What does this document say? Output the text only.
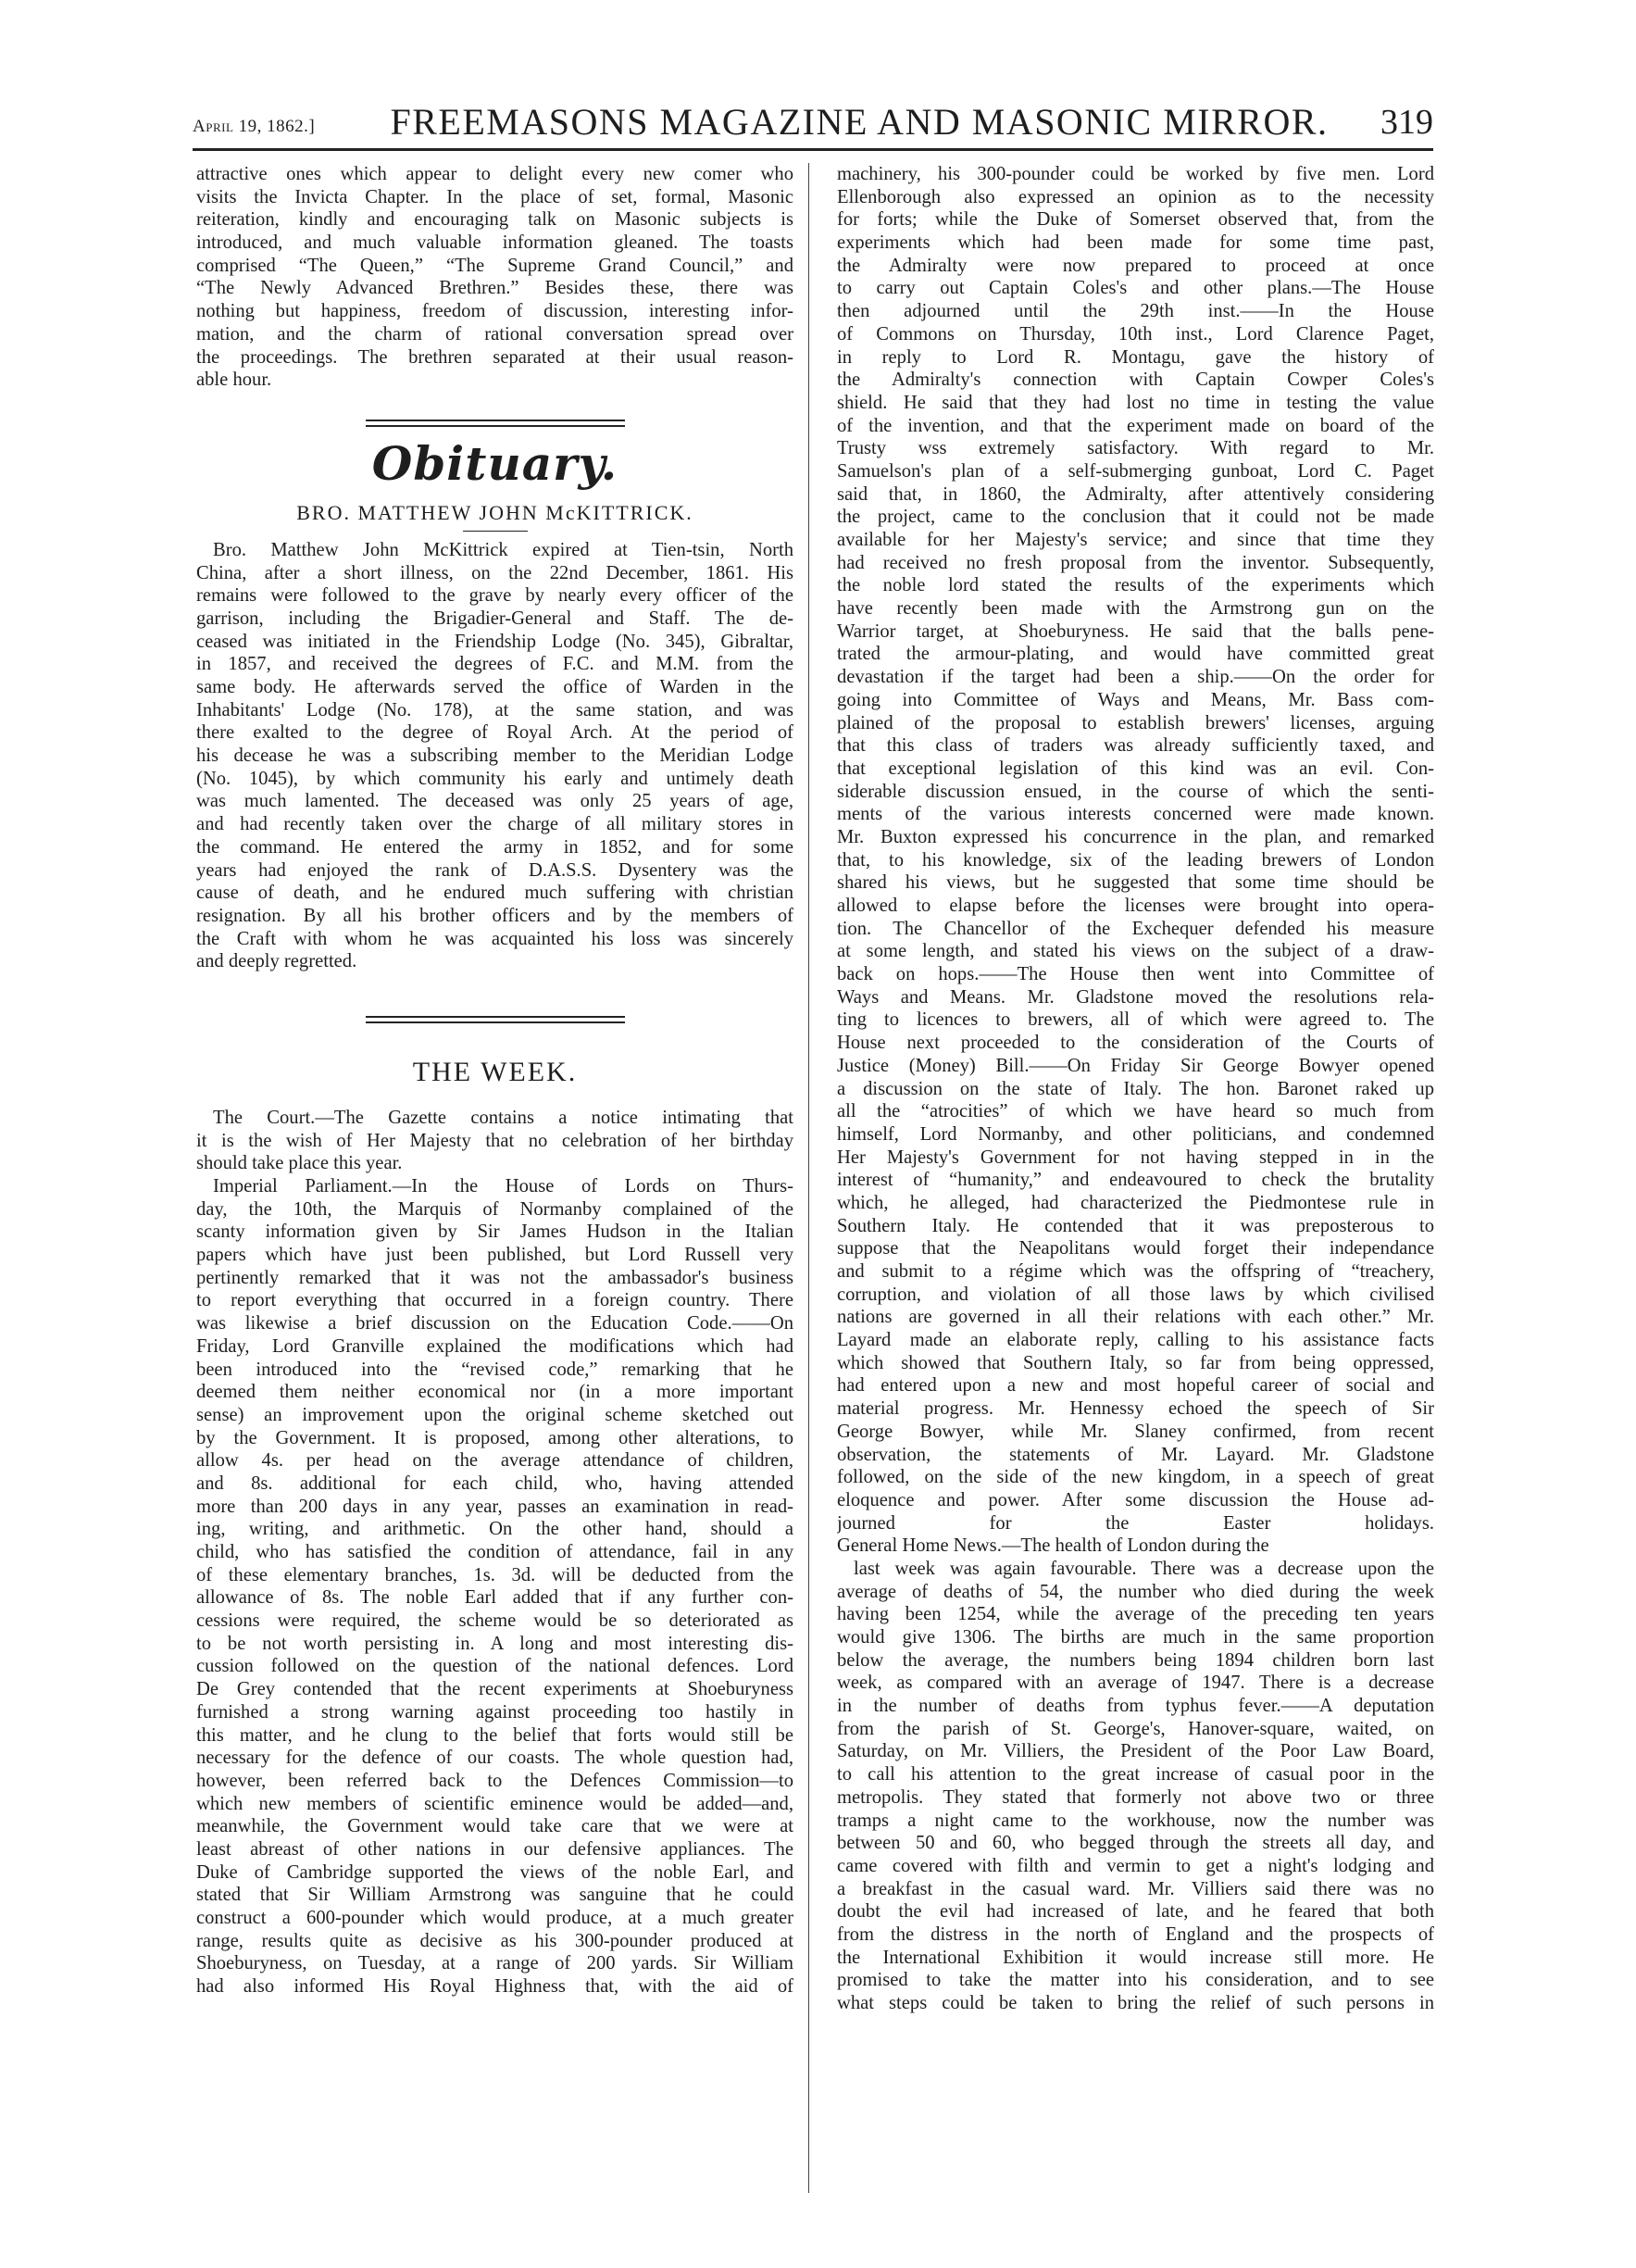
April 19, 1862.]	FREEMASONS MAGAZINE AND MASONIC MIRROR.	319
attractive ones which appear to delight every new comer who
visits the Invicta Chapter. In the place of set, formal, Masonic
reiteration, kindly and encouraging talk on Masonic subjects is
introduced, and much valuable information gleaned. The toasts
comprised “The Queen,” “The Supreme Grand Council,” and
“The Newly Advanced Brethren.” Besides these, there was
nothing but happiness, freedom of discussion, interesting infor-
mation, and the charm of rational conversation spread over
the proceedings. The brethren separated at their usual reason-
able hour.
Obituary.
BRO. MATTHEW JOHN McKITTRICK.
Bro. Matthew John McKittrick expired at Tien-tsin, North
China, after a short illness, on the 22nd December, 1861. His
remains were followed to the grave by nearly every officer of the
garrison, including the Brigadier-General and Staff. The de-
ceased was initiated in the Friendship Lodge (No. 345), Gibraltar,
in 1857, and received the degrees of F.C. and M.M. from the
same body. He afterwards served the office of Warden in the
Inhabitants' Lodge (No. 178), at the same station, and was
there exalted to the degree of Royal Arch. At the period of
his decease he was a subscribing member to the Meridian Lodge
(No. 1045), by which community his early and untimely death
was much lamented. The deceased was only 25 years of age,
and had recently taken over the charge of all military stores in
the command. He entered the army in 1852, and for some
years had enjoyed the rank of D.A.S.S. Dysentery was the
cause of death, and he endured much suffering with christian
resignation. By all his brother officers and by the members of
the Craft with whom he was acquainted his loss was sincerely
and deeply regretted.
THE WEEK.
The Court.—The Gazette contains a notice intimating that
it is the wish of Her Majesty that no celebration of her birthday
should take place this year.
Imperial Parliament.—In the House of Lords on Thurs-
day, the 10th, the Marquis of Normanby complained of the
scanty information given by Sir James Hudson in the Italian
papers which have just been published, but Lord Russell very
pertinently remarked that it was not the ambassador's business
to report everything that occurred in a foreign country. There
was likewise a brief discussion on the Education Code.——On
Friday, Lord Granville explained the modifications which had
been introduced into the “revised code,” remarking that he
deemed them neither economical nor (in a more important
sense) an improvement upon the original scheme sketched out
by the Government. It is proposed, among other alterations, to
allow 4s. per head on the average attendance of children,
and 8s. additional for each child, who, having attended
more than 200 days in any year, passes an examination in read-
ing, writing, and arithmetic. On the other hand, should a
child, who has satisfied the condition of attendance, fail in any
of these elementary branches, 1s. 3d. will be deducted from the
allowance of 8s. The noble Earl added that if any further con-
cessions were required, the scheme would be so deteriorated as
to be not worth persisting in. A long and most interesting dis-
cussion followed on the question of the national defences. Lord
De Grey contended that the recent experiments at Shoeburyness
furnished a strong warning against proceeding too hastily in
this matter, and he clung to the belief that forts would still be
necessary for the defence of our coasts. The whole question had,
however, been referred back to the Defences Commission—to
which new members of scientific eminence would be added—and,
meanwhile, the Government would take care that we were at
least abreast of other nations in our defensive appliances. The
Duke of Cambridge supported the views of the noble Earl, and
stated that Sir William Armstrong was sanguine that he could
construct a 600-pounder which would produce, at a much greater
range, results quite as decisive as his 300-pounder produced at
Shoeburyness, on Tuesday, at a range of 200 yards. Sir William
had also informed His Royal Highness that, with the aid of
machinery, his 300-pounder could be worked by five men. Lord
Ellenborough also expressed an opinion as to the necessity
for forts; while the Duke of Somerset observed that, from the
experiments which had been made for some time past,
the Admiralty were now prepared to proceed at once
to carry out Captain Coles's and other plans.—The House
then adjourned until the 29th inst.——In the House
of Commons on Thursday, 10th inst., Lord Clarence Paget,
in reply to Lord R. Montagu, gave the history of
the Admiralty's connection with Captain Cowper Coles's
shield. He said that they had lost no time in testing the value
of the invention, and that the experiment made on board of the
Trusty wss extremely satisfactory. With regard to Mr.
Samuelson's plan of a self-submerging gunboat, Lord C. Paget
said that, in 1860, the Admiralty, after attentively considering
the project, came to the conclusion that it could not be made
available for her Majesty's service; and since that time they
had received no fresh proposal from the inventor. Subsequently,
the noble lord stated the results of the experiments which
have recently been made with the Armstrong gun on the
Warrior target, at Shoeburyness. He said that the balls pene-
trated the armour-plating, and would have committed great
devastation if the target had been a ship.——On the order for
going into Committee of Ways and Means, Mr. Bass com-
plained of the proposal to establish brewers' licenses, arguing
that this class of traders was already sufficiently taxed, and
that exceptional legislation of this kind was an evil. Con-
siderable discussion ensued, in the course of which the senti-
ments of the various interests concerned were made known.
Mr. Buxton expressed his concurrence in the plan, and remarked
that, to his knowledge, six of the leading brewers of London
shared his views, but he suggested that some time should be
allowed to elapse before the licenses were brought into opera-
tion. The Chancellor of the Exchequer defended his measure
at some length, and stated his views on the subject of a draw-
back on hops.——The House then went into Committee of
Ways and Means. Mr. Gladstone moved the resolutions rela-
ting to licences to brewers, all of which were agreed to. The
House next proceeded to the consideration of the Courts of
Justice (Money) Bill.——On Friday Sir George Bowyer opened
a discussion on the state of Italy. The hon. Baronet raked up
all the “atrocities” of which we have heard so much from
himself, Lord Normanby, and other politicians, and condemned
Her Majesty's Government for not having stepped in in the
interest of “humanity,” and endeavoured to check the brutality
which, he alleged, had characterized the Piedmontese rule in
Southern Italy. He contended that it was preposterous to
suppose that the Neapolitans would forget their independance
and submit to a régime which was the offspring of “treachery,
corruption, and violation of all those laws by which civilised
nations are governed in all their relations with each other.” Mr.
Layard made an elaborate reply, calling to his assistance facts
which showed that Southern Italy, so far from being oppressed,
had entered upon a new and most hopeful career of social and
material progress. Mr. Hennessy echoed the speech of Sir
George Bowyer, while Mr. Slaney confirmed, from recent
observation, the statements of Mr. Layard. Mr. Gladstone
followed, on the side of the new kingdom, in a speech of great
eloquence and power. After some discussion the House ad-
journed for the Easter holidays.
General Home News.—The health of London during the
last week was again favourable. There was a decrease upon the
average of deaths of 54, the number who died during the week
having been 1254, while the average of the preceding ten years
would give 1306. The births are much in the same proportion
below the average, the numbers being 1894 children born last
week, as compared with an average of 1947. There is a decrease
in the number of deaths from typhus fever.——A deputation
from the parish of St. George's, Hanover-square, waited, on
Saturday, on Mr. Villiers, the President of the Poor Law Board,
to call his attention to the great increase of casual poor in the
metropolis. They stated that formerly not above two or three
tramps a night came to the workhouse, now the number was
between 50 and 60, who begged through the streets all day, and
came covered with filth and vermin to get a night's lodging and
a breakfast in the casual ward. Mr. Villiers said there was no
doubt the evil had increased of late, and he feared that both
from the distress in the north of England and the prospects of
the International Exhibition it would increase still more. He
promised to take the matter into his consideration, and to see
what steps could be taken to bring the relief of such persons in
